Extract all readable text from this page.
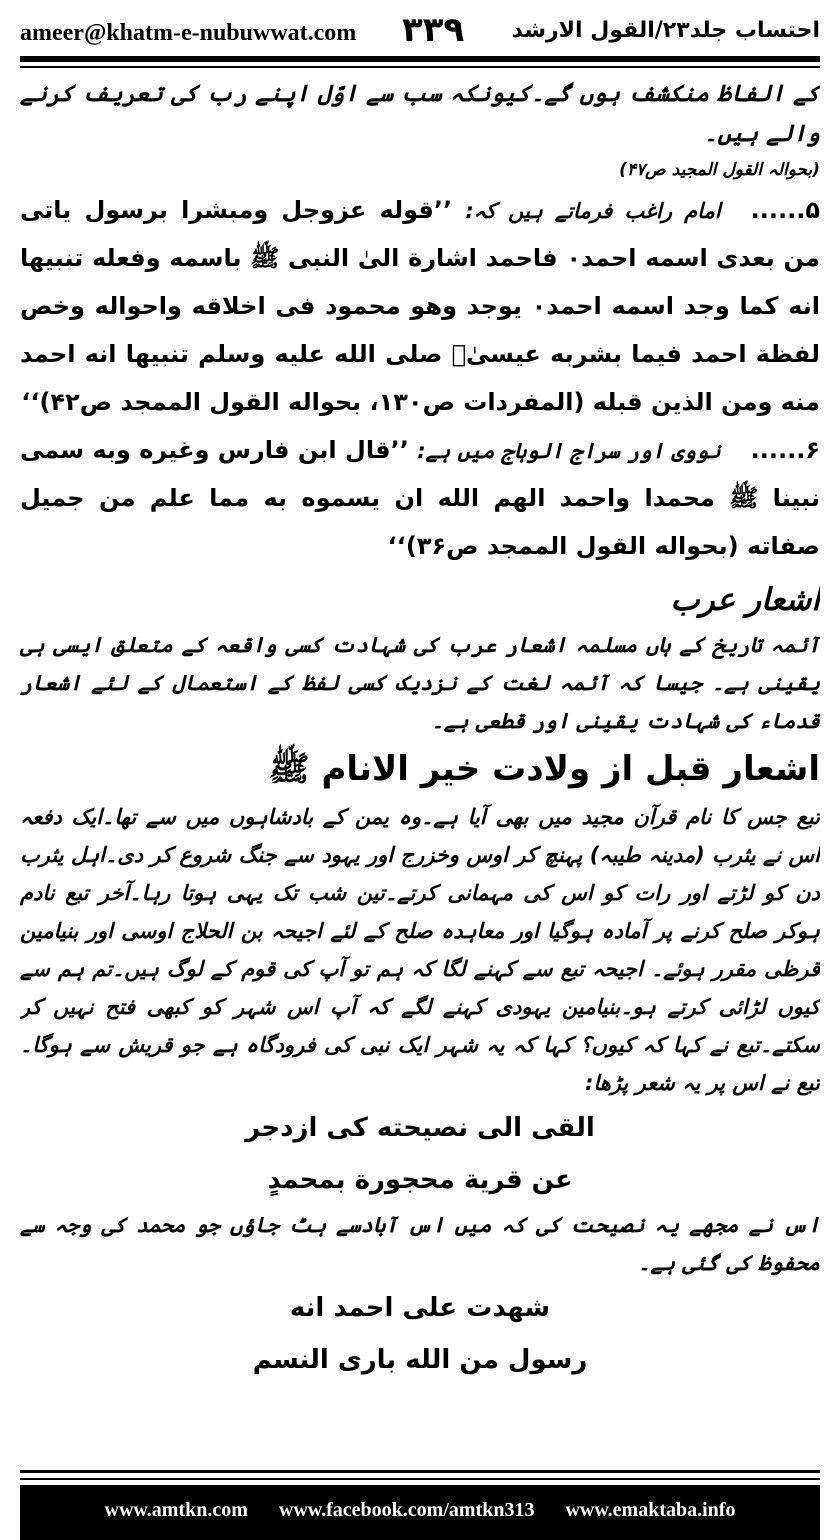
ameer@khatm-e-nubuwwat.com ۳۳۹ احتساب جلد۲۳/القول الارشد

کے الفاظ منکشف ہوں گے۔کیونکہ سب سے اوّل اپنے رب کی تعریف کرنے والے ہیں۔

(بحوالہ القول المجید ص۴۷)

۵......امام راغب فرماتے ہیں کہ: ’’قوله عزوجل ومبشرا برسول یاتی من بعدی اسمه احمد۰ فاحمد اشارة الیٰ النبی ﷺ باسمه وفعله تنبیها انه کما وجد اسمه احمد۰ یوجد وهو محمود فی اخلاقه واحواله وخص لفظة احمد فیما بشربه عیسیٰؑ صلی الله علیه وسلم تنبیها انه احمد منه ومن الذین قبله (المفردات ص۱۳۰، بحواله القول الممجد ص۴۲)‘‘

۶......نووی اور سراج الوہاج میں ہے: ’’قال ابن فارس وغیره وبه سمی نبینا ﷺ محمدا واحمد الهم الله ان یسموه به مما علم من جمیل صفاته (بحواله القول الممجد ص۳۶)‘‘

اشعار عرب

آئمہ تاریخ کے ہاں مسلمہ اشعار عرب کی شہادت کسی واقعہ کے متعلق ایسی ہی یقینی ہے۔ جیسا کہ آئمہ لغت کے نزدیک کسی لفظ کے استعمال کے لئے اشعار قدماء کی شہادت یقینی اور قطعی ہے۔

اشعار قبل از ولادت خیر الانام ﷺ

تبع جس کا نام قرآن مجید میں بھی آیا ہے۔وہ یمن کے بادشاہوں میں سے تھا۔ایک دفعہ اس نے یثرب (مدینہ طیبہ) پہنچ کر اوس وخزرج اور یہود سے جنگ شروع کر دی۔اہل یثرب دن کو لڑتے اور رات کو اس کی مہمانی کرتے۔تین شب تک یہی ہوتا رہا۔آخر تبع نادم ہوکر صلح کرنے پر آمادہ ہوگیا اور معاہدہ صلح کے لئے اجیحہ بن الحلاج اوسی اور بنیامین قرظی مقرر ہوئے۔ اجیحہ تبع سے کہنے لگا کہ ہم تو آپ کی قوم کے لوگ ہیں۔تم ہم سے کیوں لڑائی کرتے ہو۔بنیامین یہودی کہنے لگے کہ آپ اس شہر کو کبھی فتح نہیں کر سکتے۔تبع نے کہا کہ کیوں؟ کہا کہ یہ شہر ایک نبی کی فرودگاہ ہے جو قریش سے ہوگا۔تبع نے اس پر یہ شعر پڑھا:

القی الی نصیحته کی ازدجر

عن قریة محجورة بمحمدٍ

اس نے مجھے یہ نصیحت کی کہ میں اس آبادسے ہٹ جاؤں جو محمد کی وجہ سے محفوظ کی گئی ہے۔

شهدت علی احمد انه

رسول من الله باری النسم

www.amtkn.com www.facebook.com/amtkn313 www.emaktaba.info
